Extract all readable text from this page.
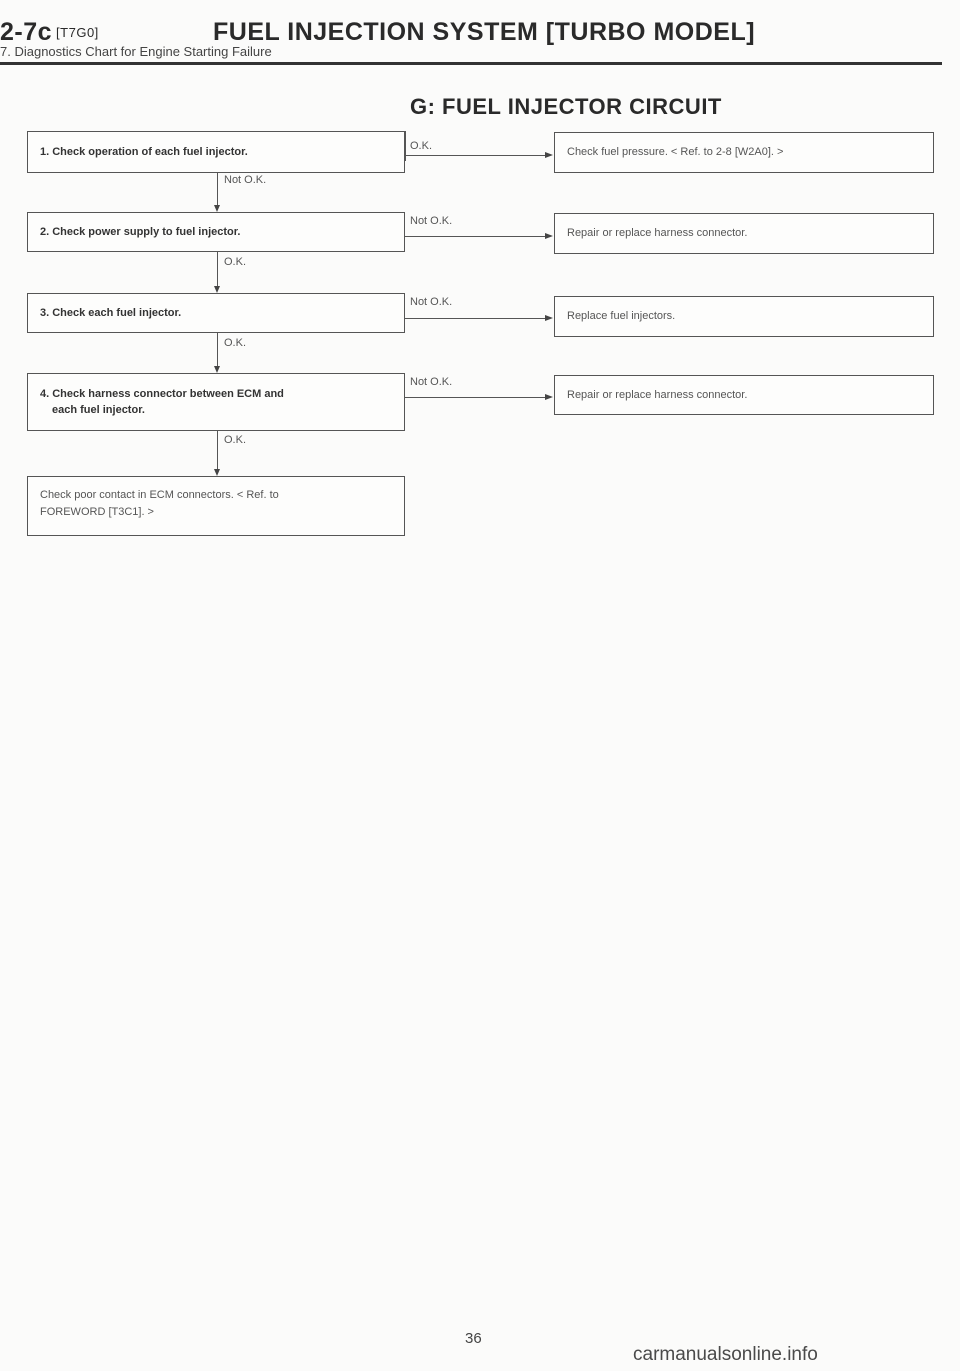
2-7c [T7G0]	FUEL INJECTION SYSTEM [TURBO MODEL]
7. Diagnostics Chart for Engine Starting Failure
G: FUEL INJECTOR CIRCUIT
1. Check operation of each fuel injector.
2. Check power supply to fuel injector.
3. Check each fuel injector.
4. Check harness connector between ECM and
each fuel injector.
Check poor contact in ECM connectors. < Ref. to
FOREWORD [T3C1]. >
Check fuel pressure. < Ref. to 2-8 [W2A0]. >
Repair or replace harness connector.
Replace fuel injectors.
Repair or replace harness connector.
Not O.K.
O.K.
O.K.
O.K.
O.K.
Not O.K.
Not O.K.
Not O.K.
36
carmanualsonline.info
